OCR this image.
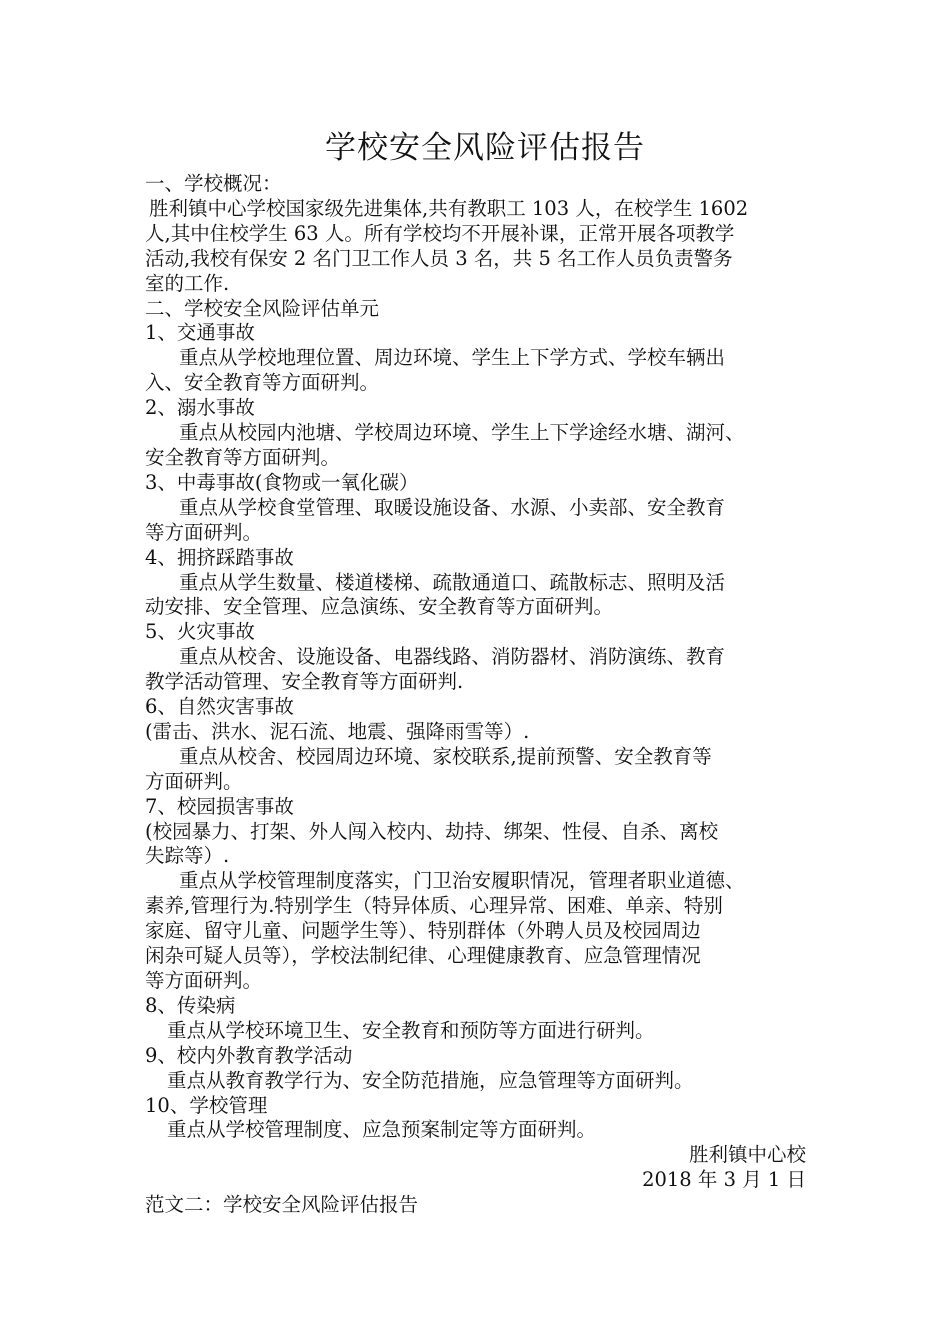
学校安全风险评估报告

一、学校概况：

胜利镇中心学校国家级先进集体,共有教职工 103 人，在校学生 1602

人,其中住校学生 63 人。所有学校均不开展补课，正常开展各项教学

活动,我校有保安 2 名门卫工作人员 3 名，共 5 名工作人员负责警务

室的工作.

二、学校安全风险评估单元

1、交通事故

重点从学校地理位置、周边环境、学生上下学方式、学校车辆出

入、安全教育等方面研判。

2、溺水事故

重点从校园内池塘、学校周边环境、学生上下学途经水塘、湖河、

安全教育等方面研判。

3、中毒事故(食物或一氧化碳）

重点从学校食堂管理、取暖设施设备、水源、小卖部、安全教育

等方面研判。

4、拥挤踩踏事故

重点从学生数量、楼道楼梯、疏散通道口、疏散标志、照明及活

动安排、安全管理、应急演练、安全教育等方面研判。

5、火灾事故

重点从校舍、设施设备、电器线路、消防器材、消防演练、教育

教学活动管理、安全教育等方面研判.

6、自然灾害事故

(雷击、洪水、泥石流、地震、强降雨雪等）.

重点从校舍、校园周边环境、家校联系,提前预警、安全教育等

方面研判。

7、校园损害事故

(校园暴力、打架、外人闯入校内、劫持、绑架、性侵、自杀、离校

失踪等）.

重点从学校管理制度落实，门卫治安履职情况，管理者职业道德、

素养,管理行为.特别学生（特异体质、心理异常、困难、单亲、特别

家庭、留守儿童、问题学生等）、特别群体（外聘人员及校园周边

闲杂可疑人员等），学校法制纪律、心理健康教育、应急管理情况

等方面研判。

8、传染病

重点从学校环境卫生、安全教育和预防等方面进行研判。

9、校内外教育教学活动

重点从教育教学行为、安全防范措施，应急管理等方面研判。

10、学校管理

重点从学校管理制度、应急预案制定等方面研判。

胜利镇中心校

2018 年 3 月 1 日

范文二：学校安全风险评估报告
